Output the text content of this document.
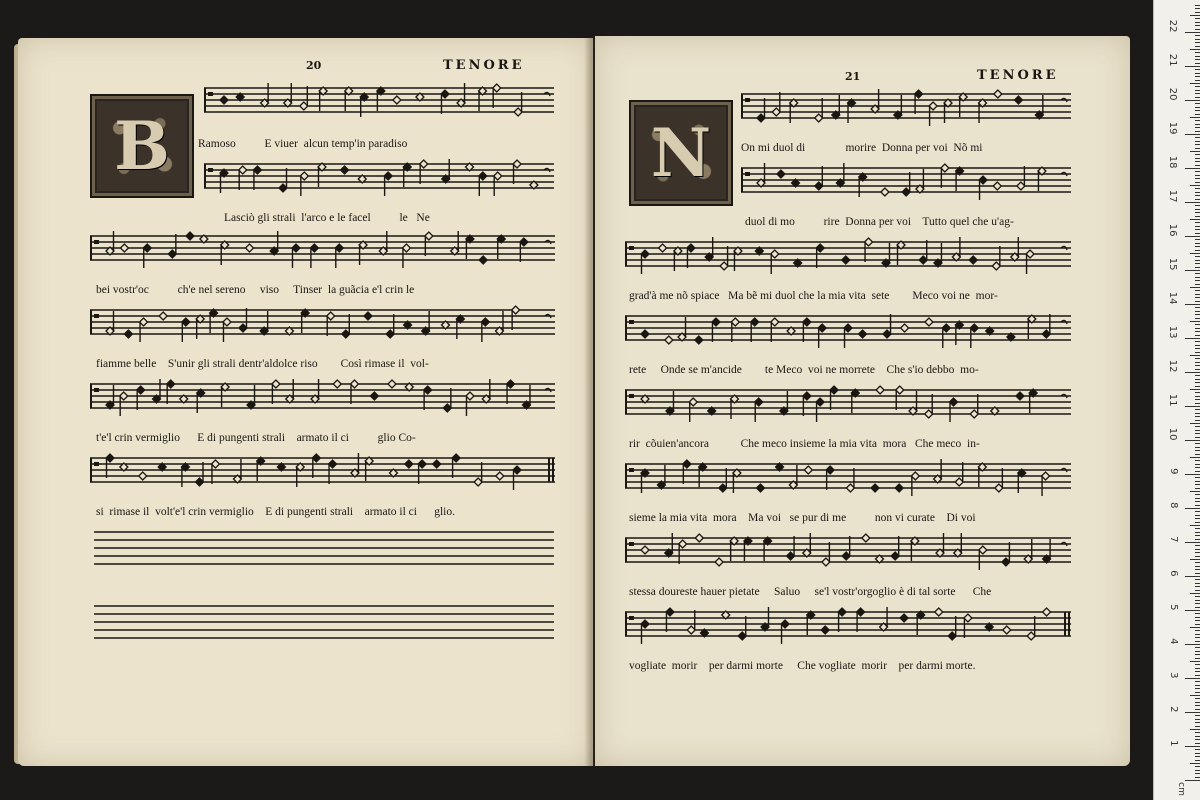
20	TENORE
B	Ramoso          E viuer  alcun temp'in paradiso
Lasciò gli strali  l'arco e le facel          le   Ne
bei vostr'oc          ch'e nel sereno     viso     Tinser  la guãcia e'l crin le
fiamme belle    S'unir gli strali dentr'aldolce riso        Così rimase il  vol-
t'e'l crin vermiglio      E di pungenti strali    armato il ci          glio Co-
si  rimase il  volt'e'l crin vermiglio    E di pungenti strali    armato il ci      glio.
21	TENORE
N	On mi duol di              morire  Donna per voi  Nõ mi
duol di mo          rire  Donna per voi    Tutto quel che u'ag-
grad'à me nõ spiace   Ma bẽ mi duol che la mia vita  sete        Meco voi ne  mor-
rete     Onde se m'ancide        te Meco  voi ne morrete    Che s'io debbo  mo-
rir  cõuien'ancora           Che meco insieme la mia vita  mora   Che meco  in-
sieme la mia vita  mora    Ma voi   se pur di me          non vi curate    Di voi
stessa doureste hauer pietate     Saluo     se'l vostr'orgoglio è di tal sorte      Che
vogliate  morir    per darmi morte     Che vogliate  morir    per darmi morte.
cm
1
2
3
4
5
6
7
8
9
10
11
12
13
14
15
16
17
18
19
20
21
22
